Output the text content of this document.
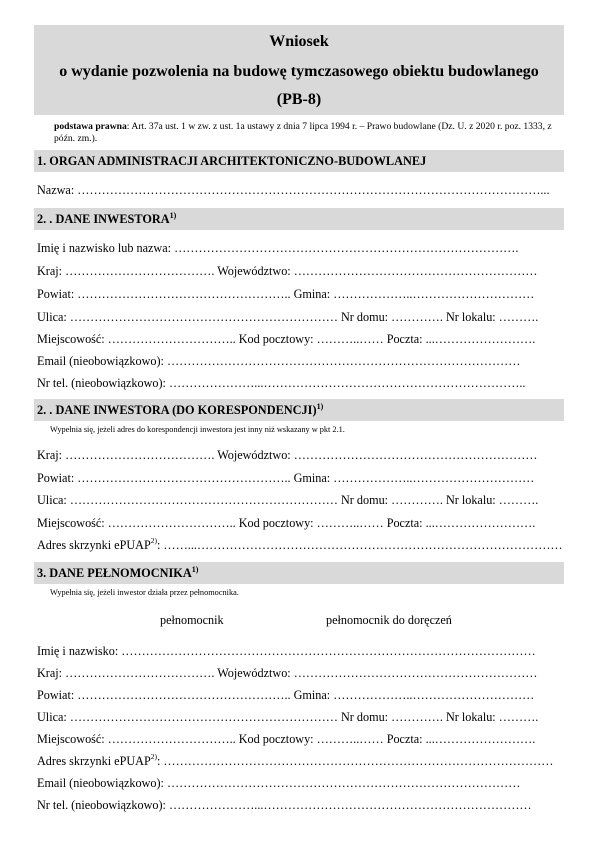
Wniosek
o wydanie pozwolenia na budowę tymczasowego obiektu budowlanego
(PB-8)
podstawa prawna: Art. 37a ust. 1 w zw. z ust. 1a ustawy z dnia 7 lipca 1994 r. – Prawo budowlane (Dz. U. z 2020 r. poz. 1333, z późn. zm.).
1. ORGAN ADMINISTRACJI ARCHITEKTONICZNO-BUDOWLANEJ
Nazwa: ……………………………………………………………………………………………………...
2. . DANE INWESTORA$^{1)}$
Imię i nazwisko lub nazwa: ………………………………………………………………………….
Kraj: ………………………………. Województwo: ……………………………………………………
Powiat: …………………………………………….. Gmina: ………………..…………………………
Ulica: ………………………………………………………… Nr domu: …………. Nr lokalu: ……….
Miejscowość: ………………………….. Kod pocztowy: ………..…… Poczta: ...…………………….
Email (nieobowiązkowo): ……………………………………………………………………………
Nr tel. (nieobowiązkowo): …………………...………………………………………………………..
2. . DANE INWESTORA (DO KORESPONDENCJI)$^{1)}$
Wypełnia się, jeżeli adres do korespondencji inwestora jest inny niż wskazany w pkt 2.1.
Kraj: ………………………………. Województwo: ……………………………………………………
Powiat: …………………………………………….. Gmina: ………………..…………………………
Ulica: ………………………………………………………… Nr domu: …………. Nr lokalu: ……….
Miejscowość: ………………………….. Kod pocztowy: ………..…… Poczta: ...…………………….
Adres skrzynki ePUAP$^{2)}$: ……...………………………………………………………………………………
3. DANE PEŁNOMOCNIKA$^{1)}$
Wypełnia się, jeżeli inwestor działa przez pełnomocnika.
pełnomocnik	pełnomocnik do doręczeń
Imię i nazwisko: …………………………………………………………………………………………
Kraj: ………………………………. Województwo: ……………………………………………………
Powiat: …………………………………………….. Gmina: ………………..…………………………
Ulica: ………………………………………………………… Nr domu: …………. Nr lokalu: ……….
Miejscowość: ………………………….. Kod pocztowy: ………..…… Poczta: ...…………………….
Adres skrzynki ePUAP$^{2)}$: ……………………………………………………………………………………
Email (nieobowiązkowo): ……………………………………………………………………………
Nr tel. (nieobowiązkowo): …………………...…………………………………………………………
